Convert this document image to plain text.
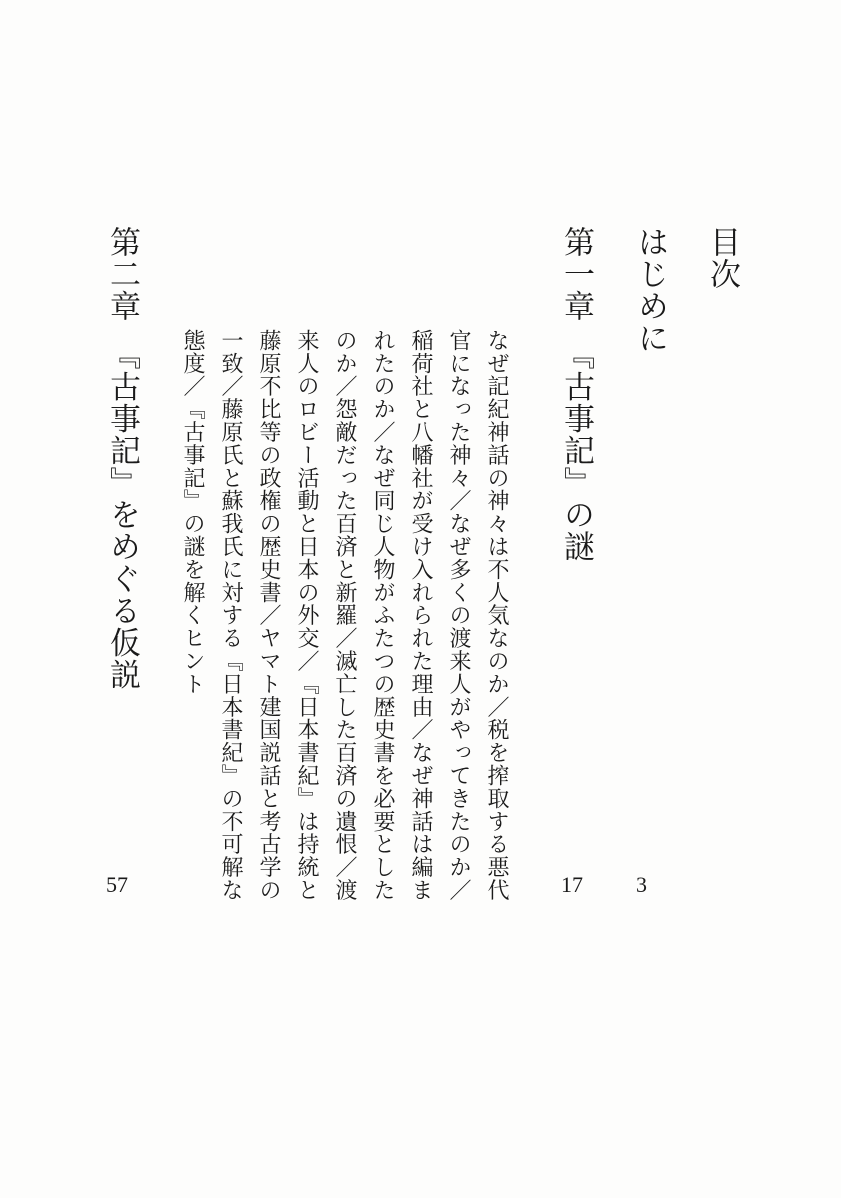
目次
はじめに
3
第一章　『古事記』の謎
17
なぜ記紀神話の神々は不人気なのか／税を搾取する悪代
官になった神々／なぜ多くの渡来人がやってきたのか／
稲荷社と八幡社が受け入れられた理由／なぜ神話は編ま
れたのか／なぜ同じ人物がふたつの歴史書を必要とした
のか／怨敵だった百済と新羅／滅亡した百済の遺恨／渡
来人のロビー活動と日本の外交／『日本書紀』は持統と
藤原不比等の政権の歴史書／ヤマト建国説話と考古学の
一致／藤原氏と蘇我氏に対する『日本書紀』の不可解な
態度／『古事記』の謎を解くヒント
第二章　『古事記』をめぐる仮説
57
